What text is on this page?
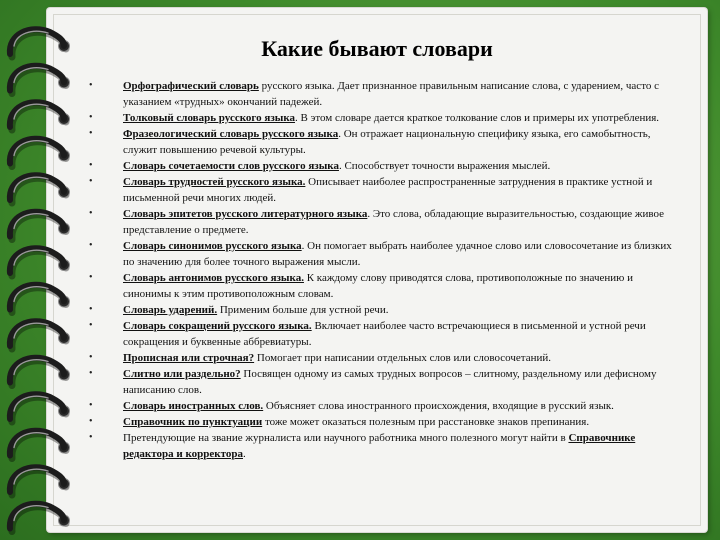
Какие бывают словари
• Орфографический словарь русского языка. Дает признанное правильным написание слова, с ударением, часто с указанием «трудных» окончаний падежей.
• Толковый словарь русского языка. В этом словаре дается краткое толкование слов и примеры их употребления.
• Фразеологический словарь русского языка. Он отражает национальную специфику языка, его самобытность, служит повышению речевой культуры.
• Словарь сочетаемости слов русского языка. Способствует точности выражения мыслей.
• Словарь трудностей русского языка. Описывает наиболее распространенные затруднения в практике устной и письменной речи многих людей.
• Словарь эпитетов русского литературного языка. Это слова, обладающие выразительностью, создающие живое представление о предмете.
• Словарь синонимов русского языка. Он помогает выбрать наиболее удачное слово или словосочетание из близких по значению для более точного выражения мысли.
• Словарь антонимов русского языка. К каждому слову приводятся слова, противоположные по значению и синонимы к этим противоположным словам.
• Словарь ударений. Применим больше для устной речи.
• Словарь сокращений русского языка. Включает наиболее часто встречающиеся в письменной и устной речи сокращения и буквенные аббревиатуры.
• Прописная или строчная? Помогает при написании отдельных слов или словосочетаний.
• Слитно или раздельно? Посвящен одному из самых трудных вопросов – слитному, раздельному или дефисному написанию слов.
• Словарь иностранных слов. Объясняет слова иностранного происхождения, входящие в русский язык.
• Справочник по пунктуации тоже может оказаться полезным при расстановке знаков препинания.
• Претендующие на звание журналиста или научного работника много полезного могут найти в Справочнике редактора и корректора.
